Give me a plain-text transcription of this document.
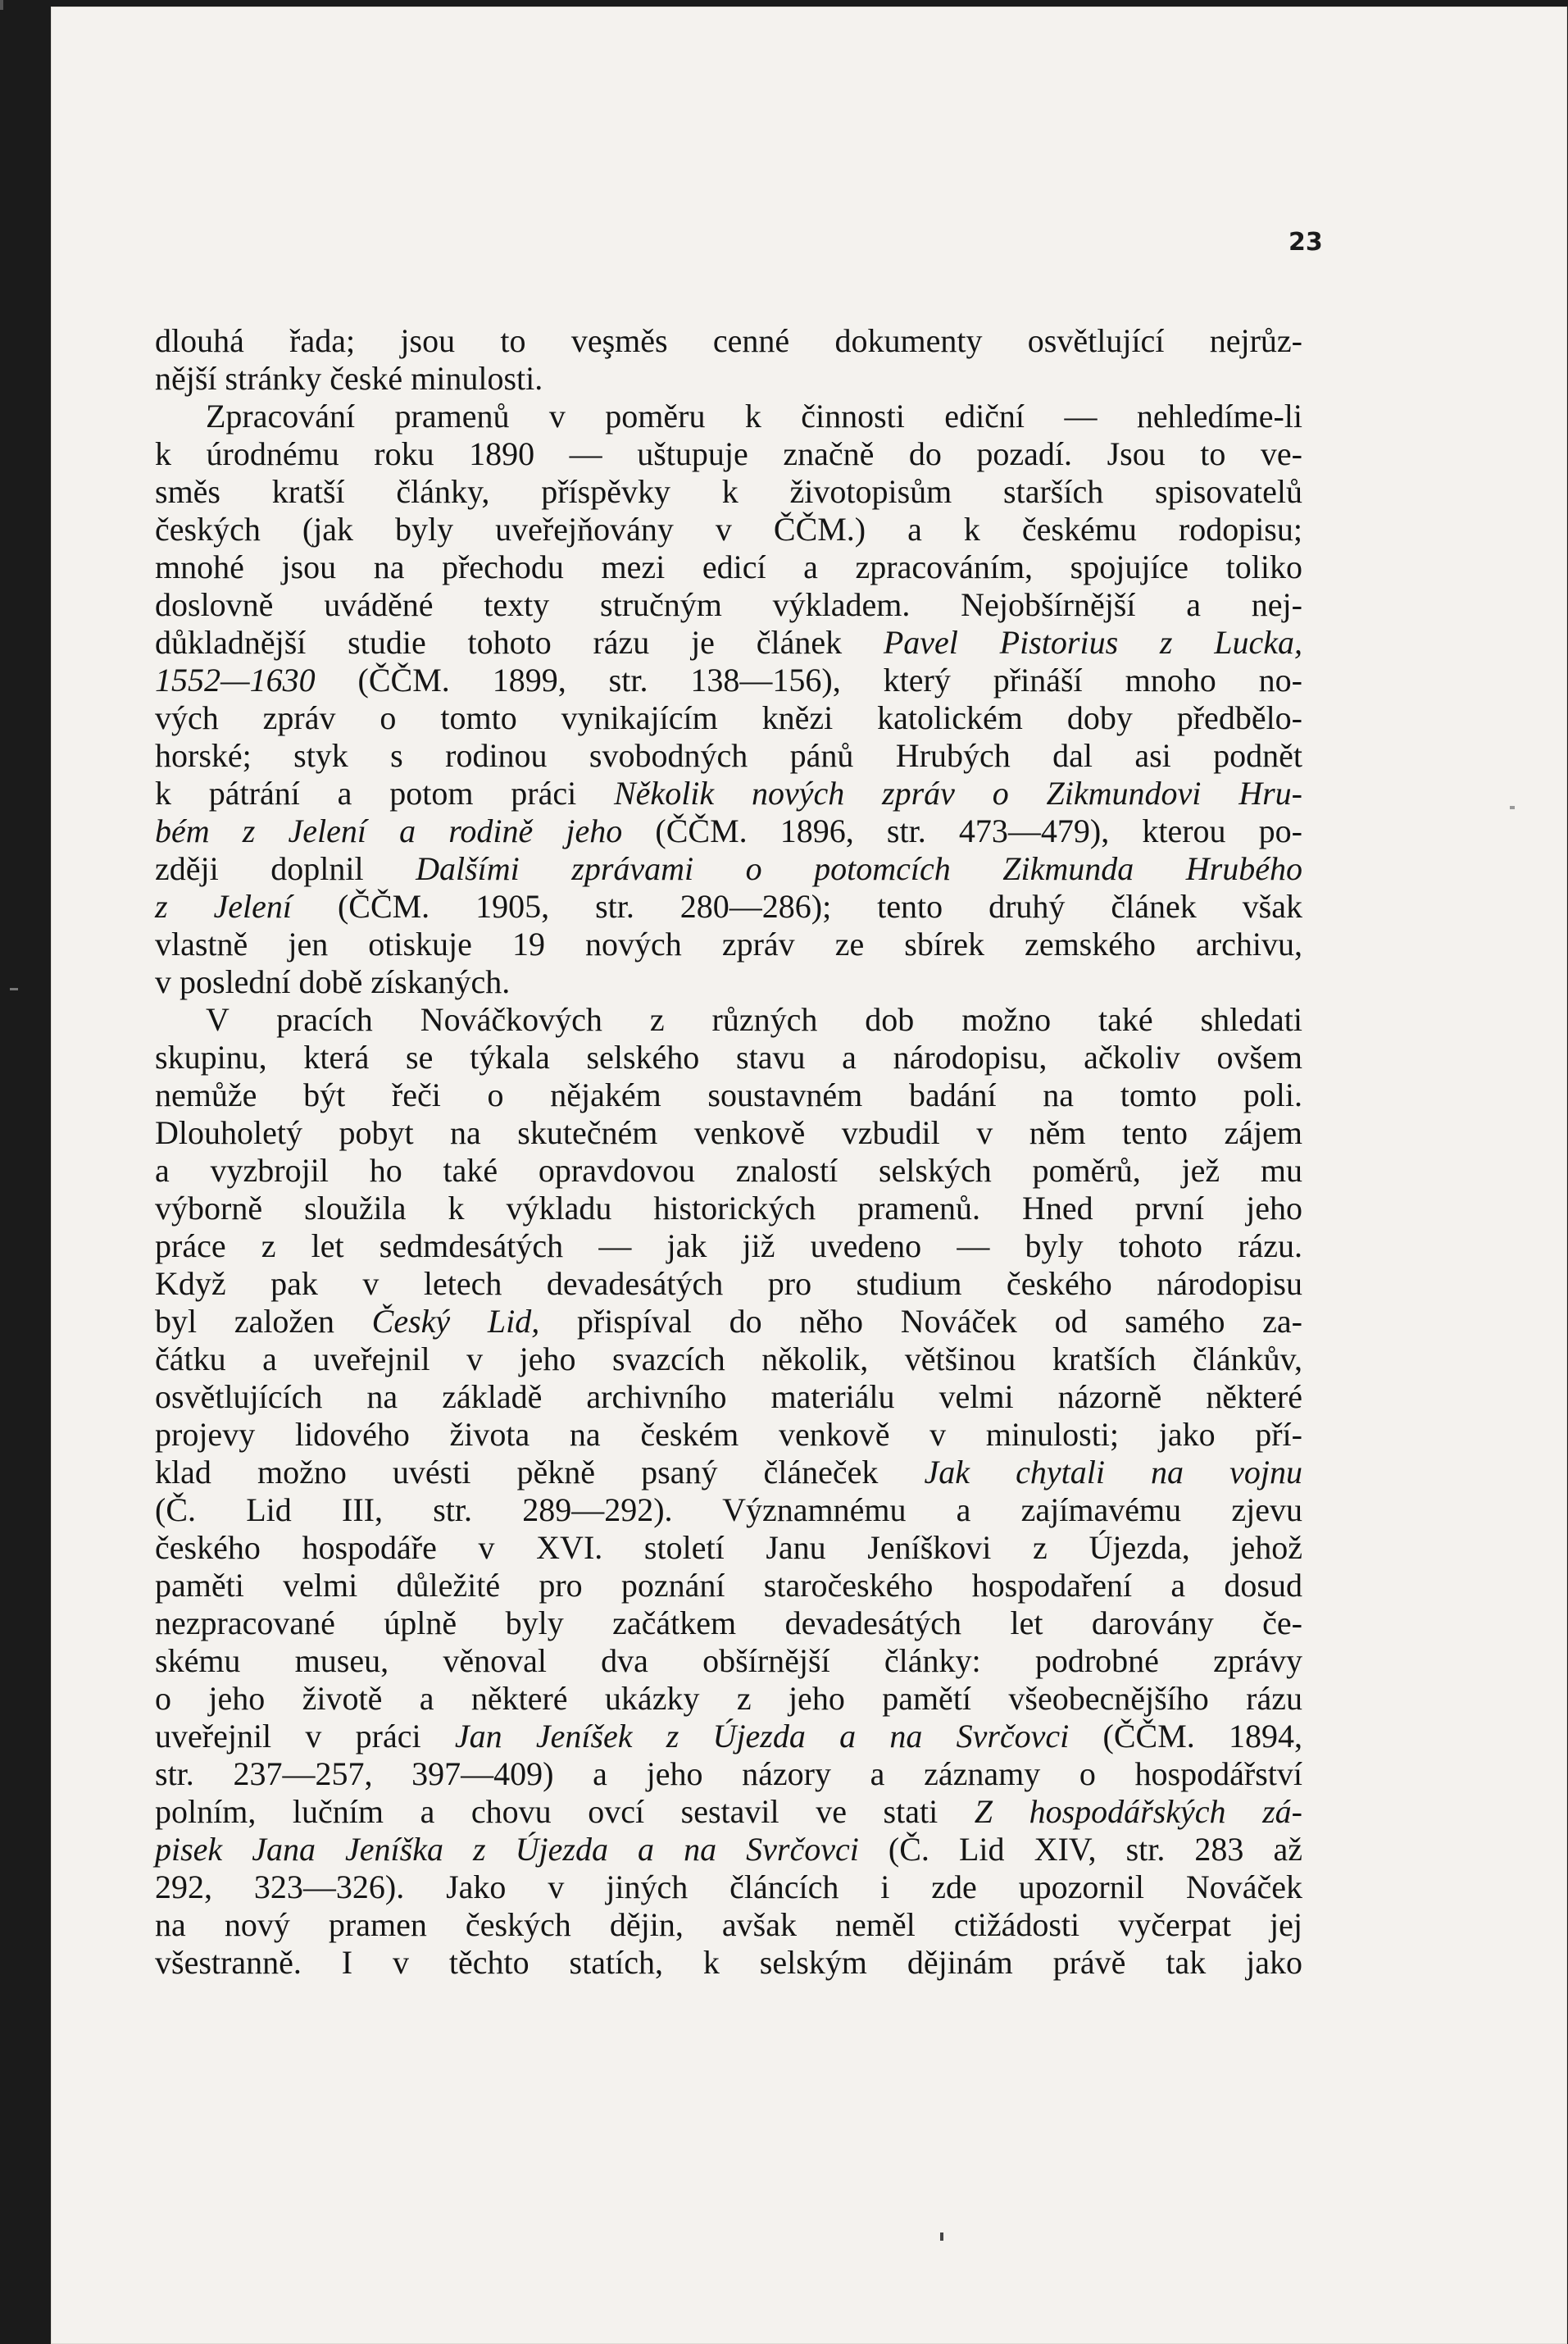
23
dlouhá řada; jsou to veşměs cenné dokumenty osvětlující nejrůz-
nější stránky české minulosti.
Zpracování pramenů v poměru k činnosti ediční — nehledíme-li
k úrodnému roku 1890 — uštupuje značně do pozadí. Jsou to ve-
směs kratší články, příspěvky k životopisům starších spisovatelů
českých (jak byly uveřejňovány v ČČM.) a k českému rodopisu;
mnohé jsou na přechodu mezi edicí a zpracováním, spojujíce toliko
doslovně uváděné texty stručným výkladem. Nejobšírnější a nej-
důkladnější studie tohoto rázu je článek Pavel Pistorius z Lucka,
1552—1630 (ČČM. 1899, str. 138—156), který přináší mnoho no-
vých zpráv o tomto vynikajícím knězi katolickém doby předbělo-
horské; styk s rodinou svobodných pánů Hrubých dal asi podnět
k pátrání a potom práci Několik nových zpráv o Zikmundovi Hru-
bém z Jelení a rodině jeho (ČČM. 1896, str. 473—479), kterou po-
zději doplnil Dalšími zprávami o potomcích Zikmunda Hrubého
z Jelení (ČČM. 1905, str. 280—286); tento druhý článek však
vlastně jen otiskuje 19 nových zpráv ze sbírek zemského archivu,
v poslední době získaných.
V pracích Nováčkových z různých dob možno také shledati
skupinu, která se týkala selského stavu a národopisu, ačkoliv ovšem
nemůže být řeči o nějakém soustavném badání na tomto poli.
Dlouholetý pobyt na skutečném venkově vzbudil v něm tento zájem
a vyzbrojil ho také opravdovou znalostí selských poměrů, jež mu
výborně sloužila k výkladu historických pramenů. Hned první jeho
práce z let sedmdesátých — jak již uvedeno — byly tohoto rázu.
Když pak v letech devadesátých pro studium českého národopisu
byl založen Český Lid, přispíval do něho Nováček od samého za-
čátku a uveřejnil v jeho svazcích několik, většinou kratších článkův,
osvětlujících na základě archivního materiálu velmi názorně některé
projevy lidového života na českém venkově v minulosti; jako pří-
klad možno uvésti pěkně psaný článeček Jak chytali na vojnu
(Č. Lid III, str. 289—292). Významnému a zajímavému zjevu
českého hospodáře v XVI. století Janu Jeníškovi z Újezda, jehož
paměti velmi důležité pro poznání staročeského hospodaření a dosud
nezpracované úplně byly začátkem devadesátých let darovány če-
skému museu, věnoval dva obšírnější články: podrobné zprávy
o jeho životě a některé ukázky z jeho pamětí všeobecnějšího rázu
uveřejnil v práci Jan Jeníšek z Újezda a na Svrčovci (ČČM. 1894,
str. 237—257, 397—409) a jeho názory a záznamy o hospodářství
polním, lučním a chovu ovcí sestavil ve stati Z hospodářských zá-
pisek Jana Jeníška z Újezda a na Svrčovci (Č. Lid XIV, str. 283 až
292, 323—326). Jako v jiných článcích i zde upozornil Nováček
na nový pramen českých dějin, avšak neměl ctižádosti vyčerpat jej
všestranně. I v těchto statích, k selským dějinám právě tak jako
